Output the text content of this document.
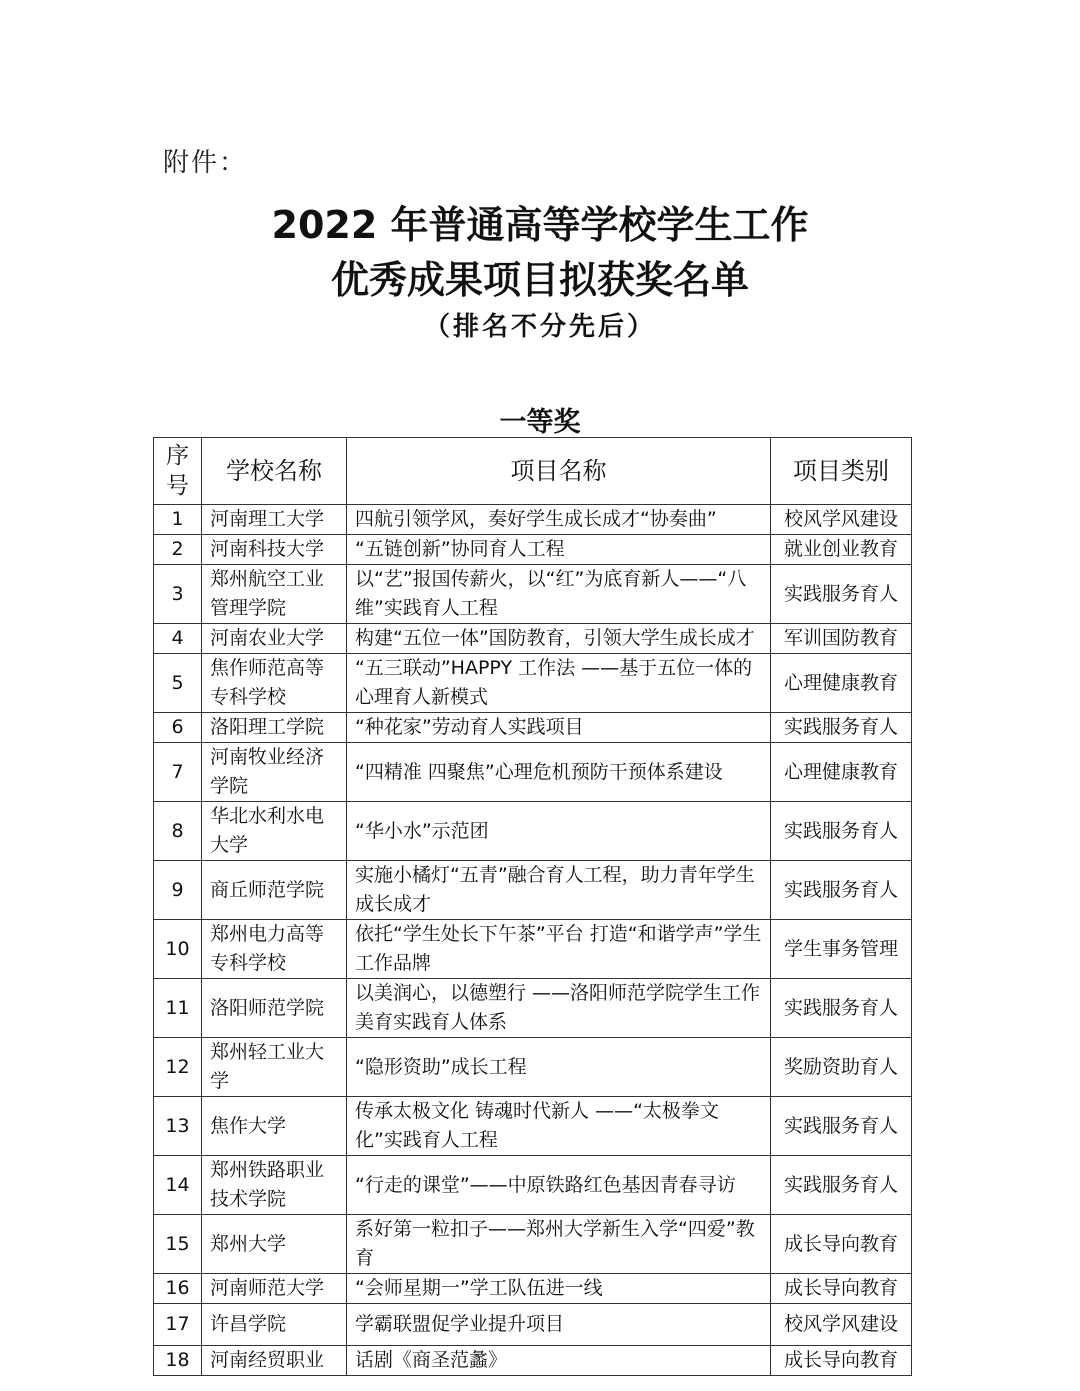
附件：
2022 年普通高等学校学生工作
优秀成果项目拟获奖名单
（排名不分先后）
一等奖
序号	学校名称	项目名称	项目类别
1	河南理工大学	四航引领学风，奏好学生成长成才“协奏曲”	校风学风建设
2	河南科技大学	“五链创新”协同育人工程	就业创业教育
3	郑州航空工业管理学院	以“艺”报国传薪火，以“红”为底育新人——“八维”实践育人工程	实践服务育人
4	河南农业大学	构建“五位一体”国防教育，引领大学生成长成才	军训国防教育
5	焦作师范高等专科学校	“五三联动”HAPPY 工作法 ——基于五位一体的心理育人新模式	心理健康教育
6	洛阳理工学院	“种花家”劳动育人实践项目	实践服务育人
7	河南牧业经济学院	“四精准 四聚焦”心理危机预防干预体系建设	心理健康教育
8	华北水利水电大学	“华小水”示范团	实践服务育人
9	商丘师范学院	实施小橘灯“五青”融合育人工程，助力青年学生成长成才	实践服务育人
10	郑州电力高等专科学校	依托“学生处长下午茶”平台 打造“和谐学声”学生工作品牌	学生事务管理
11	洛阳师范学院	以美润心，以德塑行 ——洛阳师范学院学生工作美育实践育人体系	实践服务育人
12	郑州轻工业大学	“隐形资助”成长工程	奖励资助育人
13	焦作大学	传承太极文化 铸魂时代新人 ——“太极拳文化”实践育人工程	实践服务育人
14	郑州铁路职业技术学院	“行走的课堂”——中原铁路红色基因青春寻访	实践服务育人
15	郑州大学	系好第一粒扣子——郑州大学新生入学“四爱”教育	成长导向教育
16	河南师范大学	“会师星期一”学工队伍进一线	成长导向教育
17	许昌学院	学霸联盟促学业提升项目	校风学风建设
18	河南经贸职业	话剧《商圣范蠡》	成长导向教育
